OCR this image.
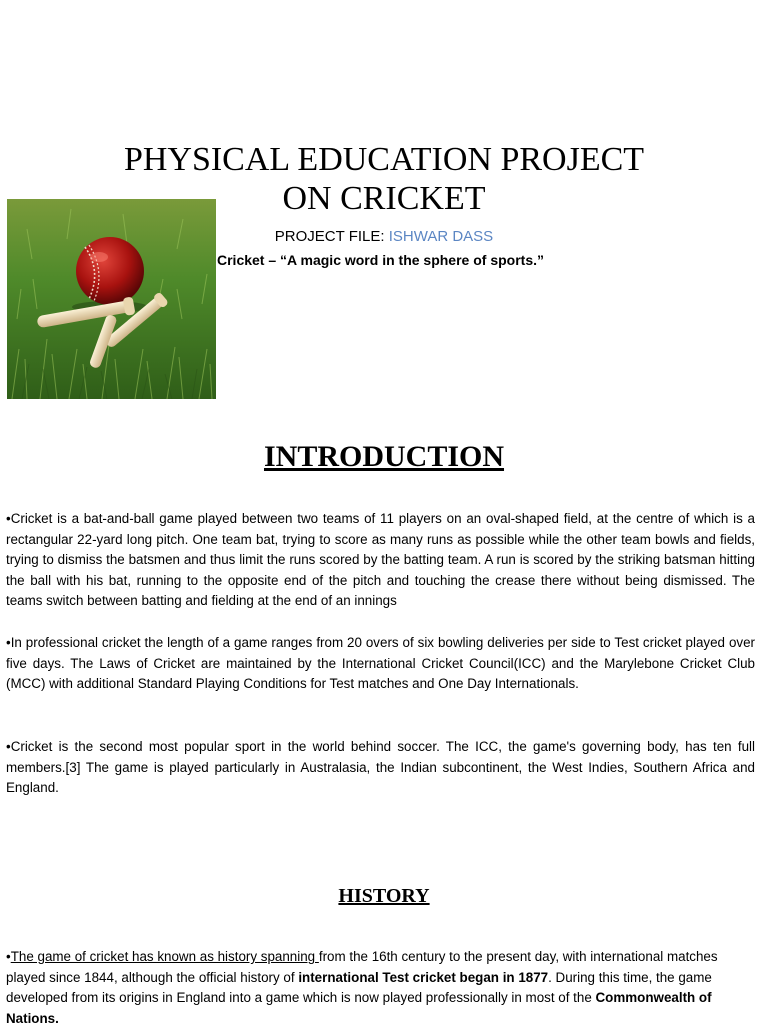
PHYSICAL EDUCATION PROJECT
ON CRICKET
PROJECT FILE: ISHWAR DASS
Cricket – “A magic word in the sphere of sports.”
INTRODUCTION

•Cricket is a bat-and-ball game played between two teams of 11 players on an oval-shaped field, at the centre of which is a rectangular 22-yard long pitch. One team bat, trying to score as many runs as possible while the other team bowls and fields, trying to dismiss the batsmen and thus limit the runs scored by the batting team. A run is scored by the striking batsman hitting the ball with his bat, running to the opposite end of the pitch and touching the crease there without being dismissed. The teams switch between batting and fielding at the end of an innings

•In professional cricket the length of a game ranges from 20 overs of six bowling deliveries per side to Test cricket played over five days. The Laws of Cricket are maintained by the International Cricket Council(ICC) and the Marylebone Cricket Club (MCC) with additional Standard Playing Conditions for Test matches and One Day Internationals.

•Cricket is the second most popular sport in the world behind soccer. The ICC, the game's governing body, has ten full members.[3] The game is played particularly in Australasia, the Indian subcontinent, the West Indies, Southern Africa and England.

HISTORY

•The game of cricket has known as history spanning from the 16th century to the present day, with international matches played since 1844, although the official history of international Test cricket began in 1877. During this time, the game developed from its origins in England into a game which is now played professionally in most of the Commonwealth of Nations.
